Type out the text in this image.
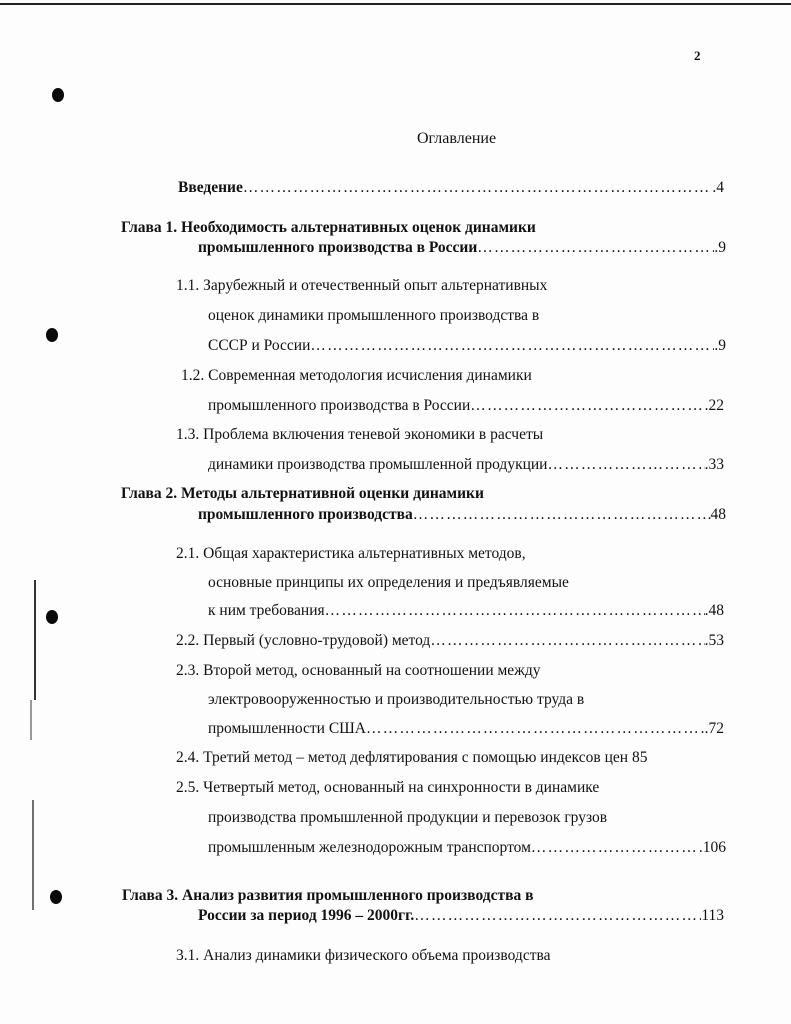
2
Оглавление
Введение …………………………………………………………………………………………………………………………………………………	.4
Глава 1. Необходимость альтернативных оценок динамики
промышленного производства в России …………………………………………………………………………………………………………………………………………………	.9
1.1. Зарубежный и отечественный опыт альтернативных
оценок динамики промышленного производства в
СССР и России …………………………………………………………………………………………………………………………………………………	.9
1.2. Современная методология исчисления динамики
промышленного производства в России …………………………………………………………………………………………………………………………………………………	.22
1.3. Проблема включения теневой экономики в расчеты
динамики производства промышленной продукции …………………………………………………………………………………………………………………………………………………	.33
Глава 2. Методы альтернативной оценки динамики
промышленного производства …………………………………………………………………………………………………………………………………………………	48
2.1. Общая характеристика альтернативных методов,
основные принципы их определения и предъявляемые
к ним требования …………………………………………………………………………………………………………………………………………………	.48
2.2. Первый (условно-трудовой) метод …………………………………………………………………………………………………………………………………………………	.53
2.3. Второй метод, основанный на соотношении между
электровооруженностью и производительностью труда в
промышленности США …………………………………………………………………………………………………………………………………………………	.72
2.4. Третий метод – метод дефлятирования с помощью индексов цен 85
2.5. Четвертый метод, основанный на синхронности в динамике
производства промышленной продукции и перевозок грузов
промышленным железнодорожным транспортом …………………………………………………………………………………………………………………………………………………	.106
Глава 3. Анализ развития промышленного производства в
России за период 1996 – 2000гг. …………………………………………………………………………………………………………………………………………………	113
3.1. Анализ динамики физического объема производства
